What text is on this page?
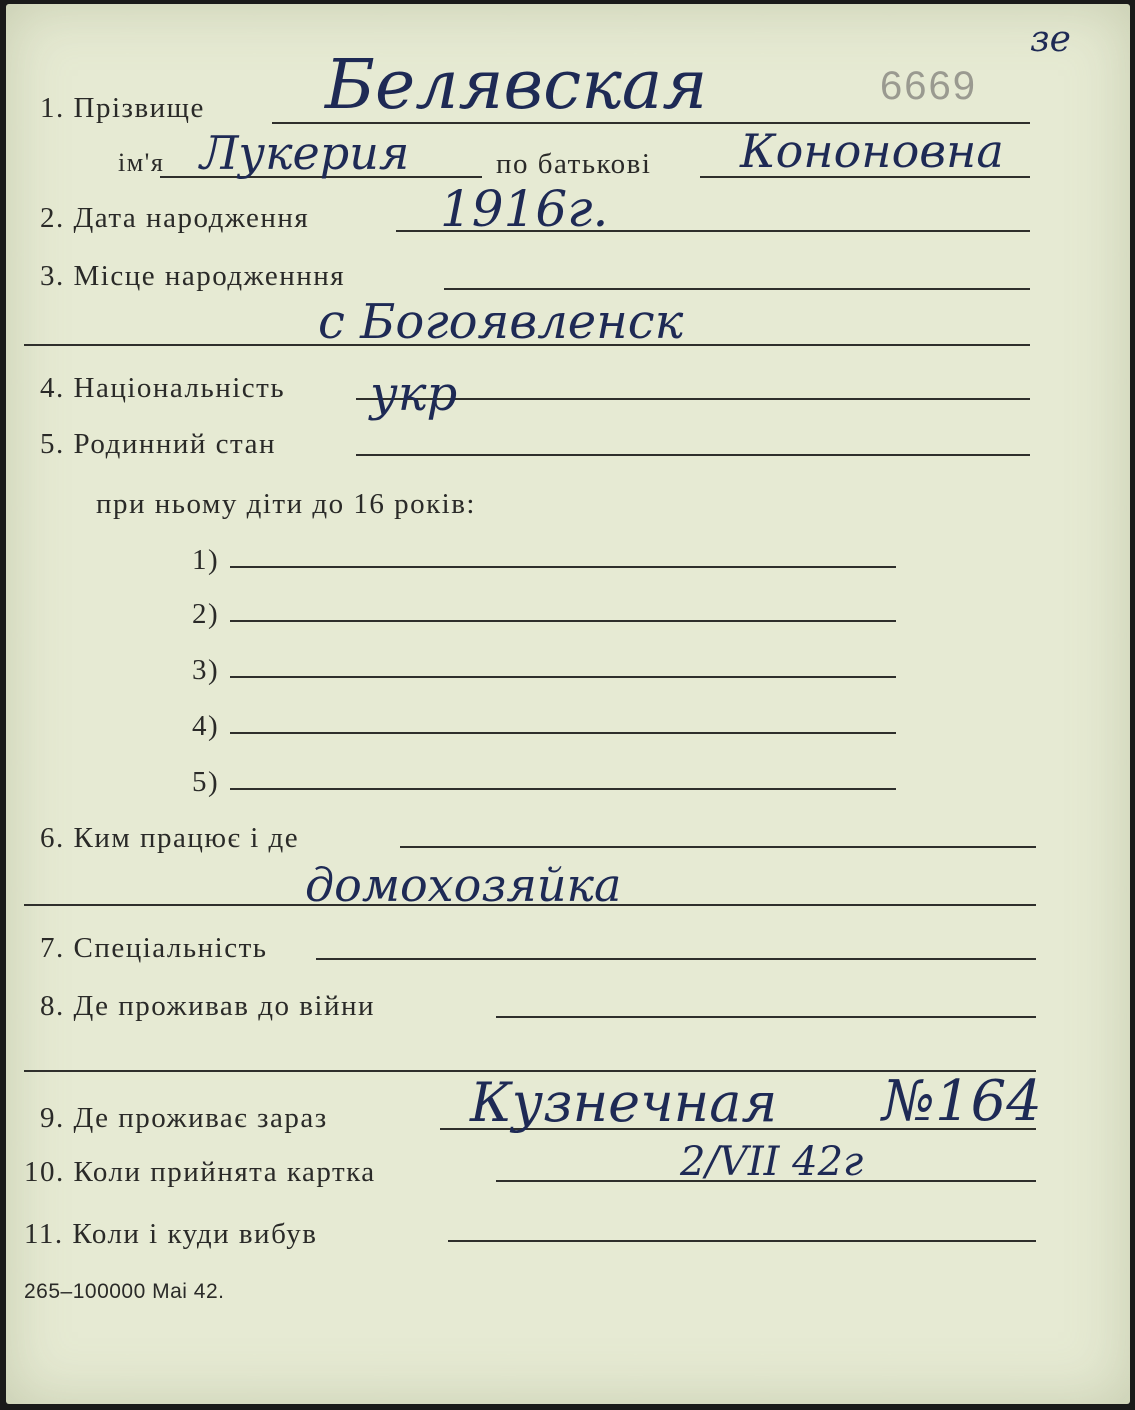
6669
зе
1. Прізвище Белявская
ім'я Лукерия	по батькові Кононовна
2. Дата народження	1916г.
3. Місце народженння
с Богоявленск
4. Національність укр
5. Родинний стан
при ньому діти до 16 років:
1)
2)
3)
4)
5)
6. Ким працює і де
домохозяйка
7. Спеціальність
8. Де проживав до війни
9. Де проживає зараз	Кузнечная №164
10. Коли прийнята картка	2/VII 42г
11. Коли і куди вибув
265–100000 Mai 42.
